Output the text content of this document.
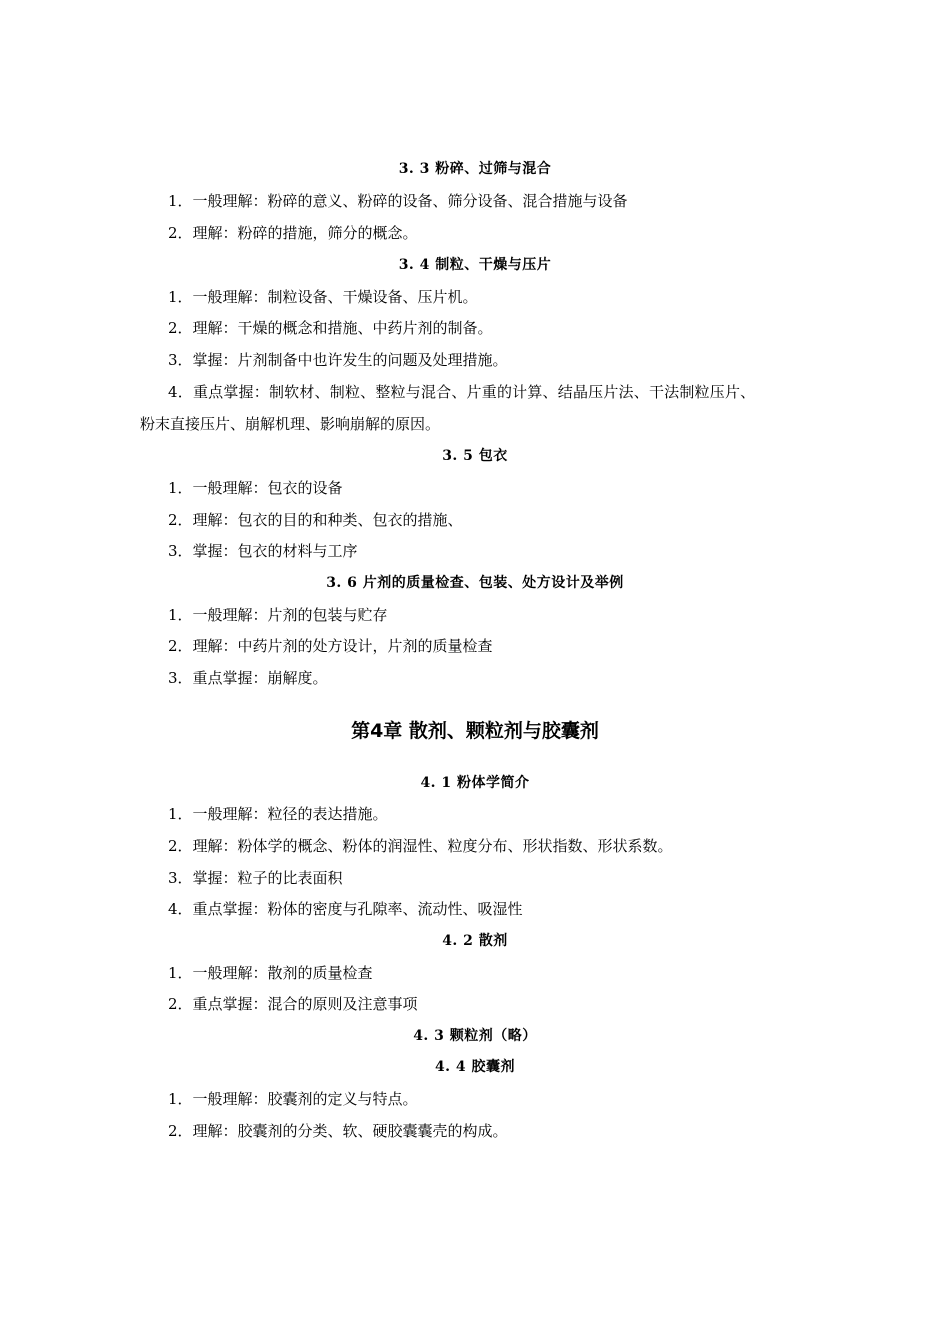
3. 3 粉碎、过筛与混合
1．一般理解：粉碎的意义、粉碎的设备、筛分设备、混合措施与设备
2．理解：粉碎的措施，筛分的概念。
3. 4 制粒、干燥与压片
1．一般理解：制粒设备、干燥设备、压片机。
2．理解：干燥的概念和措施、中药片剂的制备。
3．掌握：片剂制备中也许发生的问题及处理措施。
4．重点掌握：制软材、制粒、整粒与混合、片重的计算、结晶压片法、干法制粒压片、
粉末直接压片、崩解机理、影响崩解的原因。
3. 5 包衣
1．一般理解：包衣的设备
2．理解：包衣的目的和种类、包衣的措施、
3．掌握：包衣的材料与工序
3. 6 片剂的质量检查、包装、处方设计及举例
1．一般理解：片剂的包装与贮存
2．理解：中药片剂的处方设计，片剂的质量检查
3．重点掌握：崩解度。
第4章 散剂、颗粒剂与胶囊剂
4. 1 粉体学简介
1．一般理解：粒径的表达措施。
2．理解：粉体学的概念、粉体的润湿性、粒度分布、形状指数、形状系数。
3．掌握：粒子的比表面积
4．重点掌握：粉体的密度与孔隙率、流动性、吸湿性
4. 2 散剂
1．一般理解：散剂的质量检查
2．重点掌握：混合的原则及注意事项
4. 3 颗粒剂（略）
4. 4 胶囊剂
1．一般理解：胶囊剂的定义与特点。
2．理解：胶囊剂的分类、软、硬胶囊囊壳的构成。
